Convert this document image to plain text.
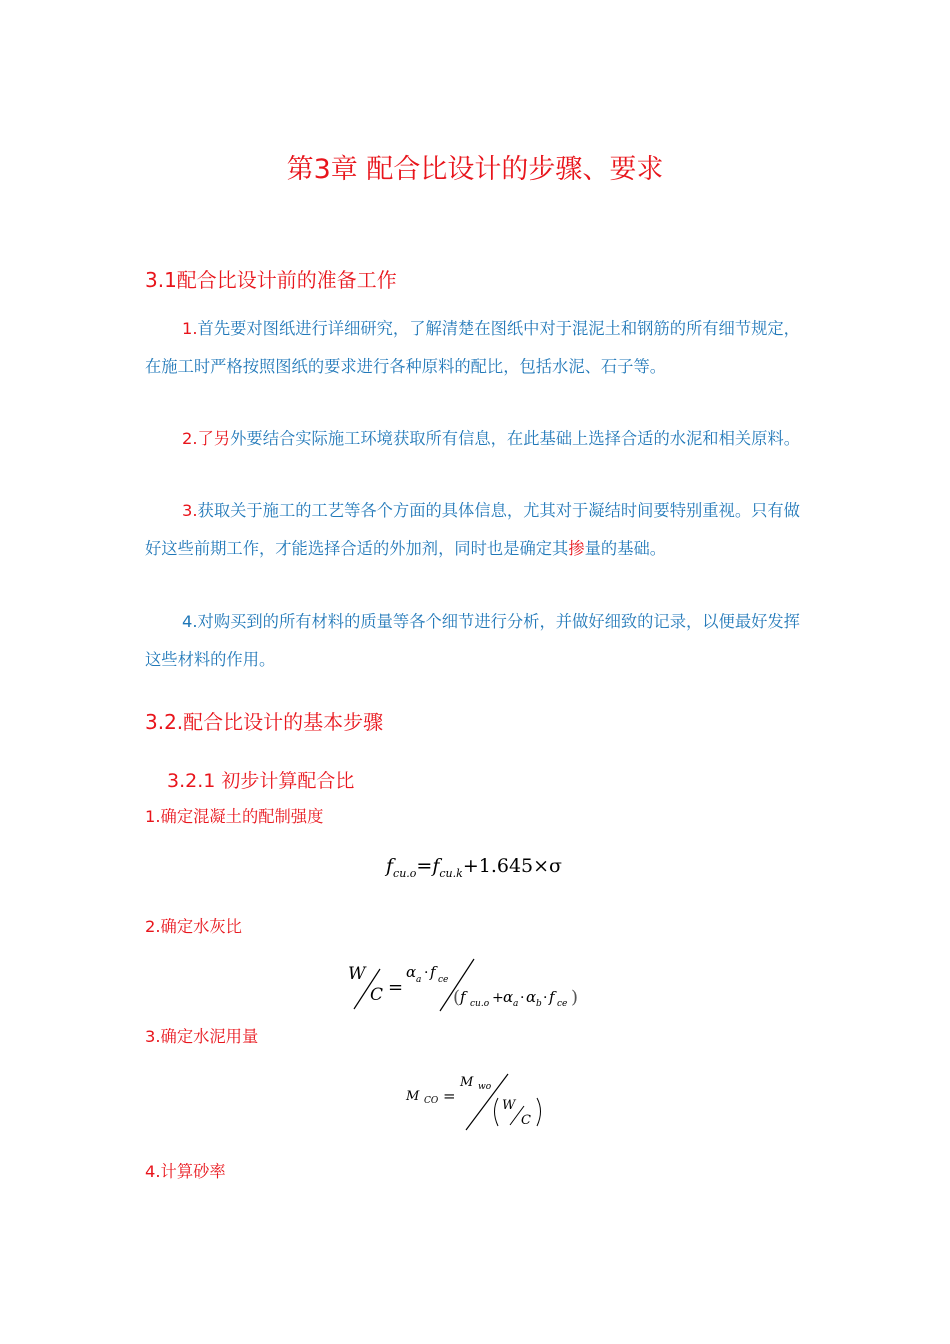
第3章 配合比设计的步骤、要求
3.1配合比设计前的准备工作
1.首先要对图纸进行详细研究，了解清楚在图纸中对于混泥土和钢筋的所有细节规定，在施工时严格按照图纸的要求进行各种原料的配比，包括水泥、石子等。
2.了另外要结合实际施工环境获取所有信息，在此基础上选择合适的水泥和相关原料。
3.获取关于施工的工艺等各个方面的具体信息，尤其对于凝结时间要特别重视。只有做好这些前期工作，才能选择合适的外加剂，同时也是确定其掺量的基础。
4.对购买到的所有材料的质量等各个细节进行分析，并做好细致的记录，以便最好发挥这些材料的作用。
3.2.配合比设计的基本步骤
3.2.1 初步计算配合比
1.确定混凝土的配制强度
$f_{cu.o}=f_{cu.k}+1.645\times\sigma$
2.确定水灰比
W
C =
α a · f ce
( f cu.o + α a · α b · f ce )
3.确定水泥用量
M CO =
M wo
W
C
4.计算砂率
